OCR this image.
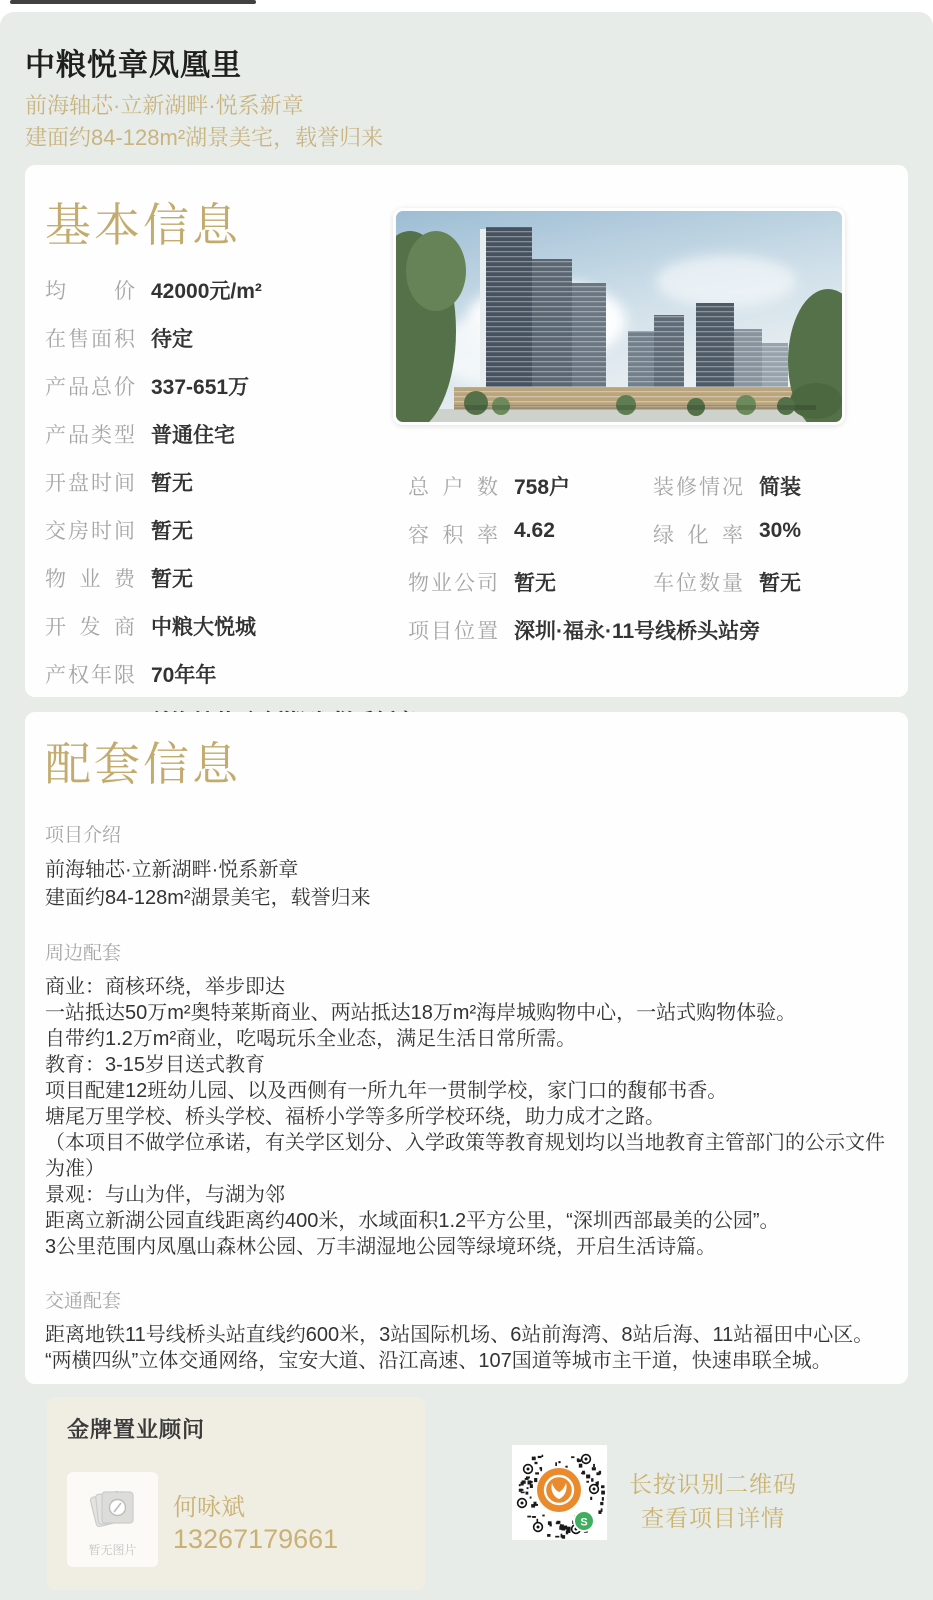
中粮悦章凤凰里
前海轴芯·立新湖畔·悦系新章
建面约84-128m²湖景美宅，载誉归来
基本信息
均价 42000元/m²
在售面积 待定
产品总价 337-651万
产品类型 普通住宅
开盘时间 暂无
交房时间 暂无
物业费 暂无
开发商 中粮大悦城
产权年限 70年年
总户数 758户	装修情况 简装
容积率 4.62	绿化率 30%
物业公司 暂无	车位数量 暂无
项目位置 深圳·福永·11号线桥头站旁
配套信息
项目介绍
前海轴芯·立新湖畔·悦系新章
建面约84-128m²湖景美宅，载誉归来
周边配套
商业：商核环绕，举步即达
一站抵达50万m²奥特莱斯商业、两站抵达18万m²海岸城购物中心，一站式购物体验。
自带约1.2万m²商业，吃喝玩乐全业态，满足生活日常所需。
教育：3-15岁目送式教育
项目配建12班幼儿园、以及西侧有一所九年一贯制学校，家门口的馥郁书香。
塘尾万里学校、桥头学校、福桥小学等多所学校环绕，助力成才之路。
（本项目不做学位承诺，有关学区划分、入学政策等教育规划均以当地教育主管部门的公示文件为准）
景观：与山为伴，与湖为邻
距离立新湖公园直线距离约400米，水域面积1.2平方公里，“深圳西部最美的公园”。
3公里范围内凤凰山森林公园、万丰湖湿地公园等绿境环绕，开启生活诗篇。
交通配套
距离地铁11号线桥头站直线约600米，3站国际机场、6站前海湾、8站后海、11站福田中心区。
“两横四纵”立体交通网络，宝安大道、沿江高速、107国道等城市主干道，快速串联全城。
金牌置业顾问
暂无图片
何咏斌
13267179661
S
长按识别二维码
查看项目详情
